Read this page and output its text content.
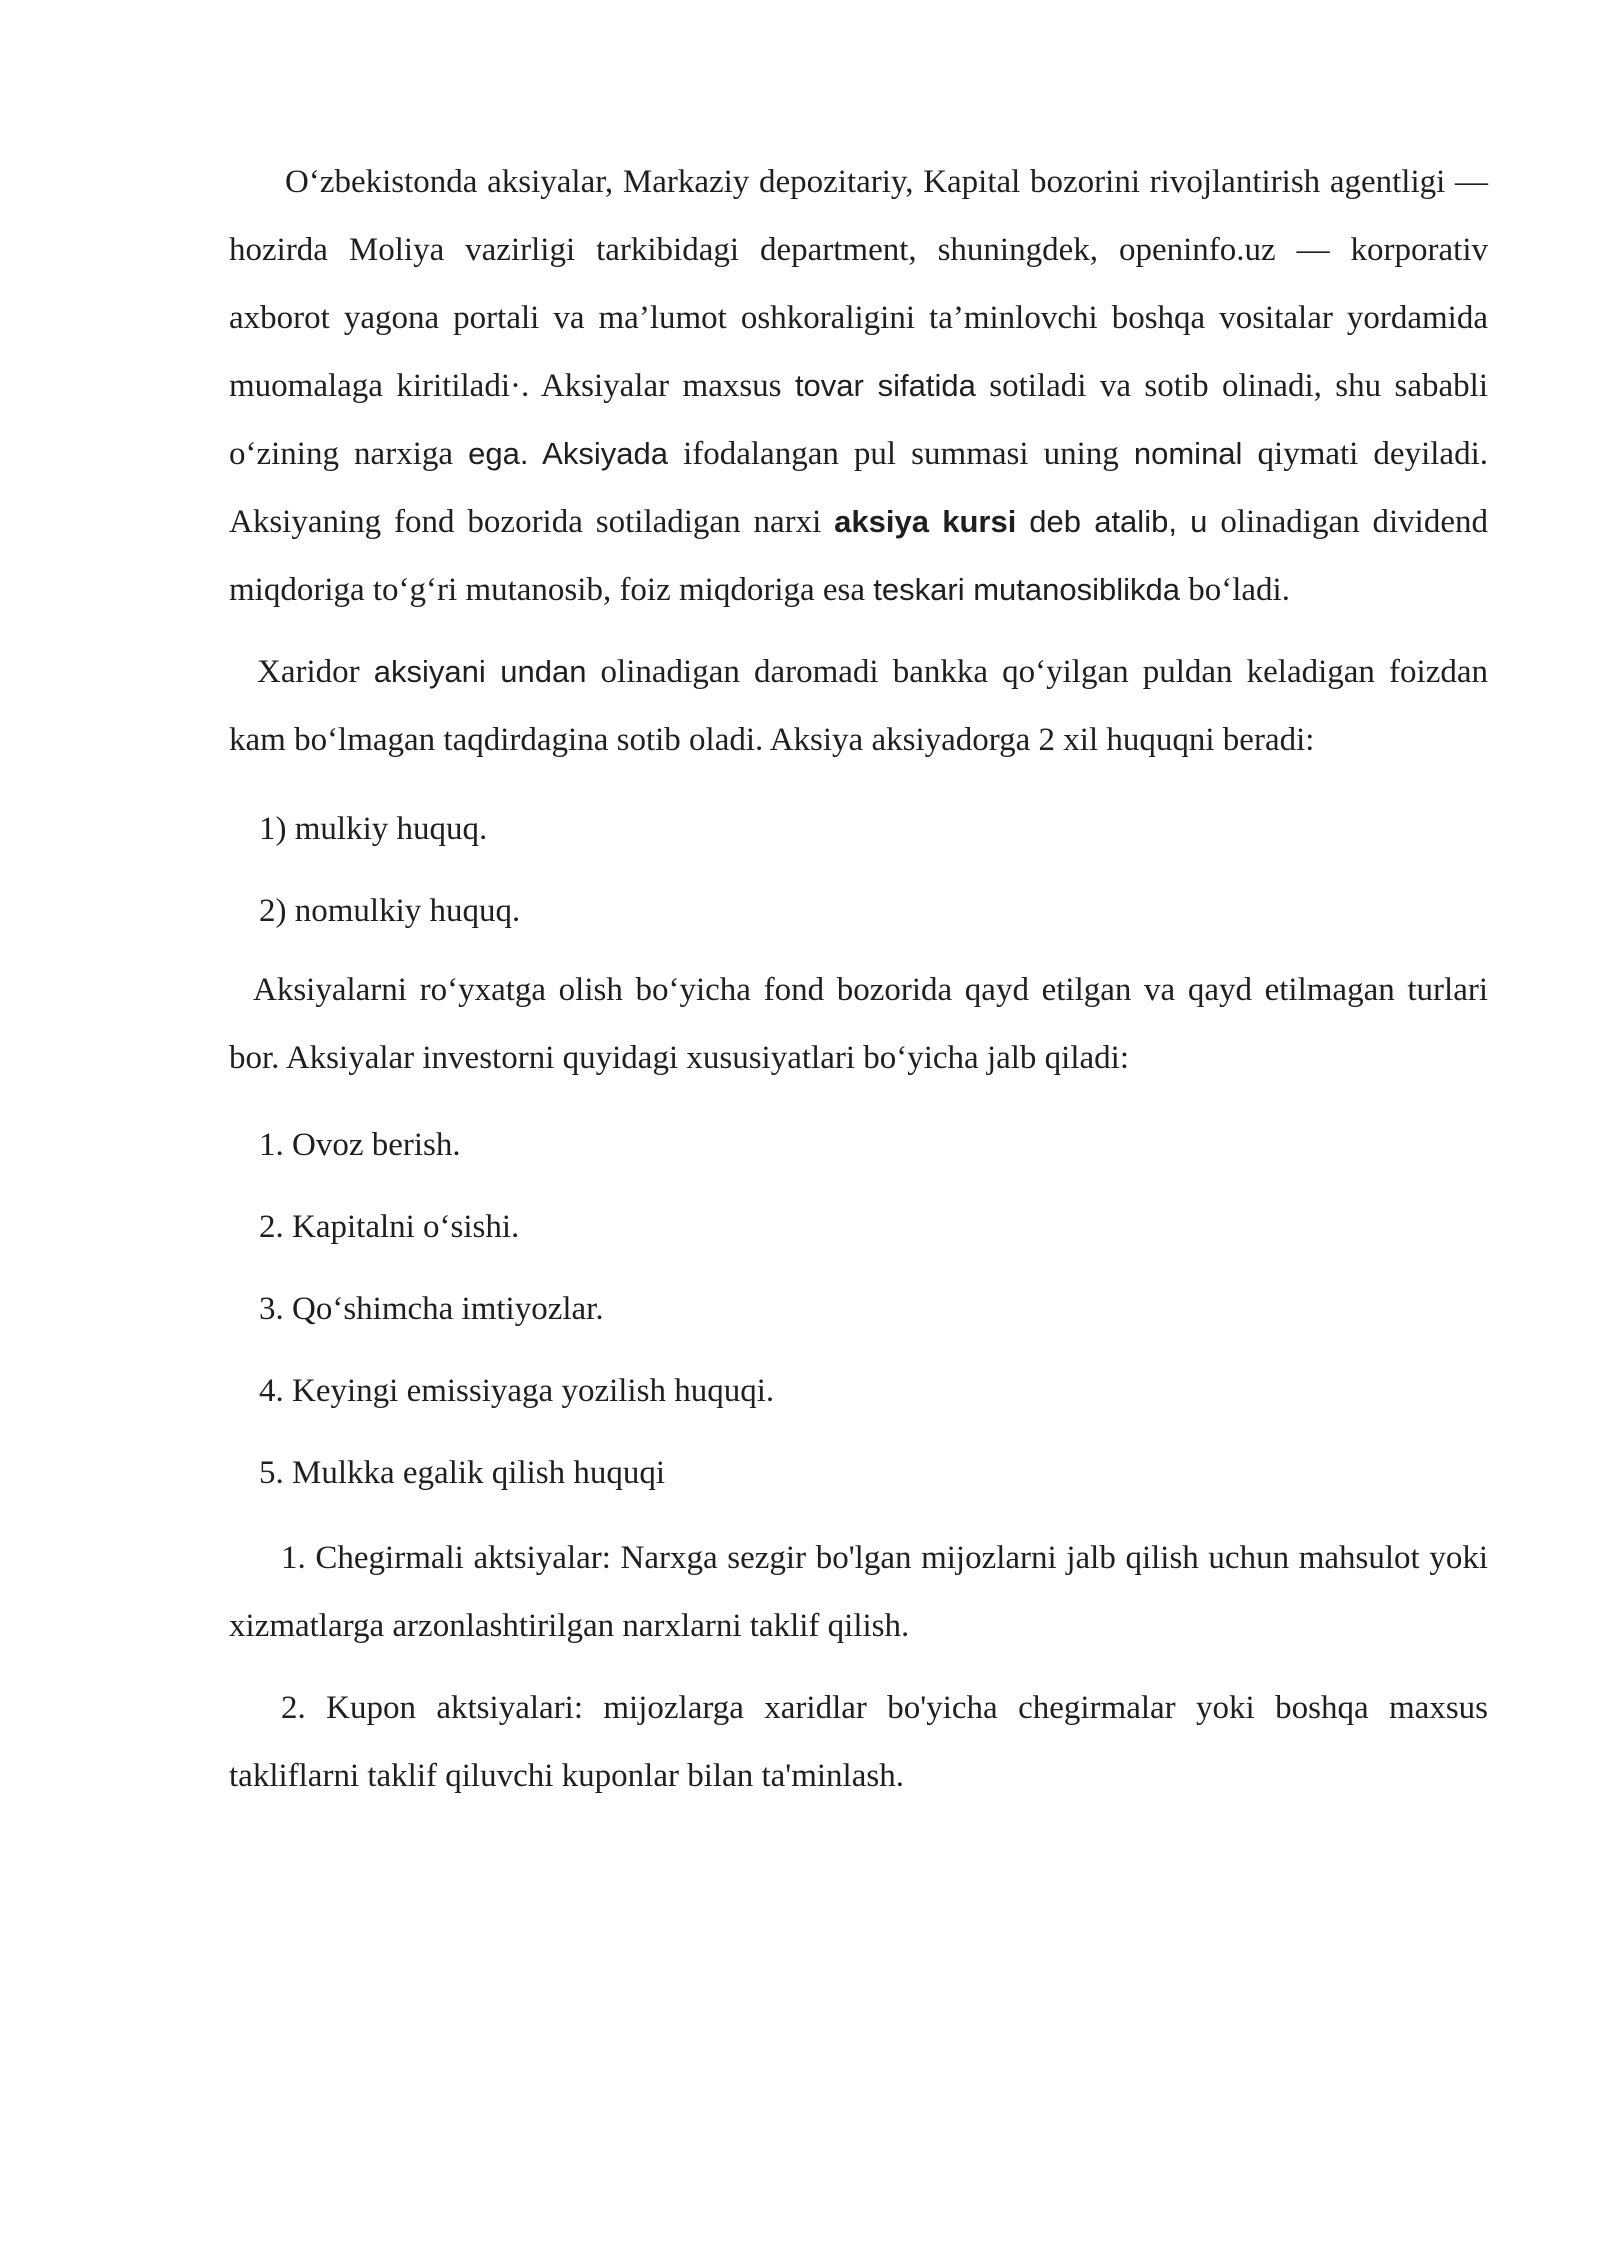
O‘zbekistonda aksiyalar, Markaziy depozitariy, Kapital bozorini rivojlantirish agentligi — hozirda Moliya vazirligi tarkibidagi department, shuningdek, openinfo.uz — korporativ axborot yagona portali va ma’lumot oshkoraligini ta’minlovchi boshqa vositalar yordamida muomalaga kiritiladi·. Aksiyalar maxsus tovar sifatida sotiladi va sotib olinadi, shu sababli o‘zining narxiga ega. Aksiyada ifodalangan pul summasi uning nominal qiymati deyiladi. Aksiyaning fond bozorida sotiladigan narxi aksiya kursi deb atalib, u olinadigan dividend miqdoriga to‘g‘ri mutanosib, foiz miqdoriga esa teskari mutanosiblikda bo‘ladi.

Xaridor aksiyani undan olinadigan daromadi bankka qo‘yilgan puldan keladigan foizdan kam bo‘lmagan taqdirdagina sotib oladi. Aksiya aksiyadorga 2 xil huquqni beradi:

1) mulkiy huquq.

2) nomulkiy huquq.

Aksiyalarni ro‘yxatga olish bo‘yicha fond bozorida qayd etilgan va qayd etilmagan turlari bor. Aksiyalar investorni quyidagi xususiyatlari bo‘yicha jalb qiladi:

1. Ovoz berish.

2. Kapitalni o‘sishi.

3. Qo‘shimcha imtiyozlar.

4. Keyingi emissiyaga yozilish huquqi.

5. Mulkka egalik qilish huquqi

1. Chegirmali aktsiyalar: Narxga sezgir bo'lgan mijozlarni jalb qilish uchun mahsulot yoki xizmatlarga arzonlashtirilgan narxlarni taklif qilish.

2. Kupon aktsiyalari: mijozlarga xaridlar bo'yicha chegirmalar yoki boshqa maxsus takliflarni taklif qiluvchi kuponlar bilan ta'minlash.
